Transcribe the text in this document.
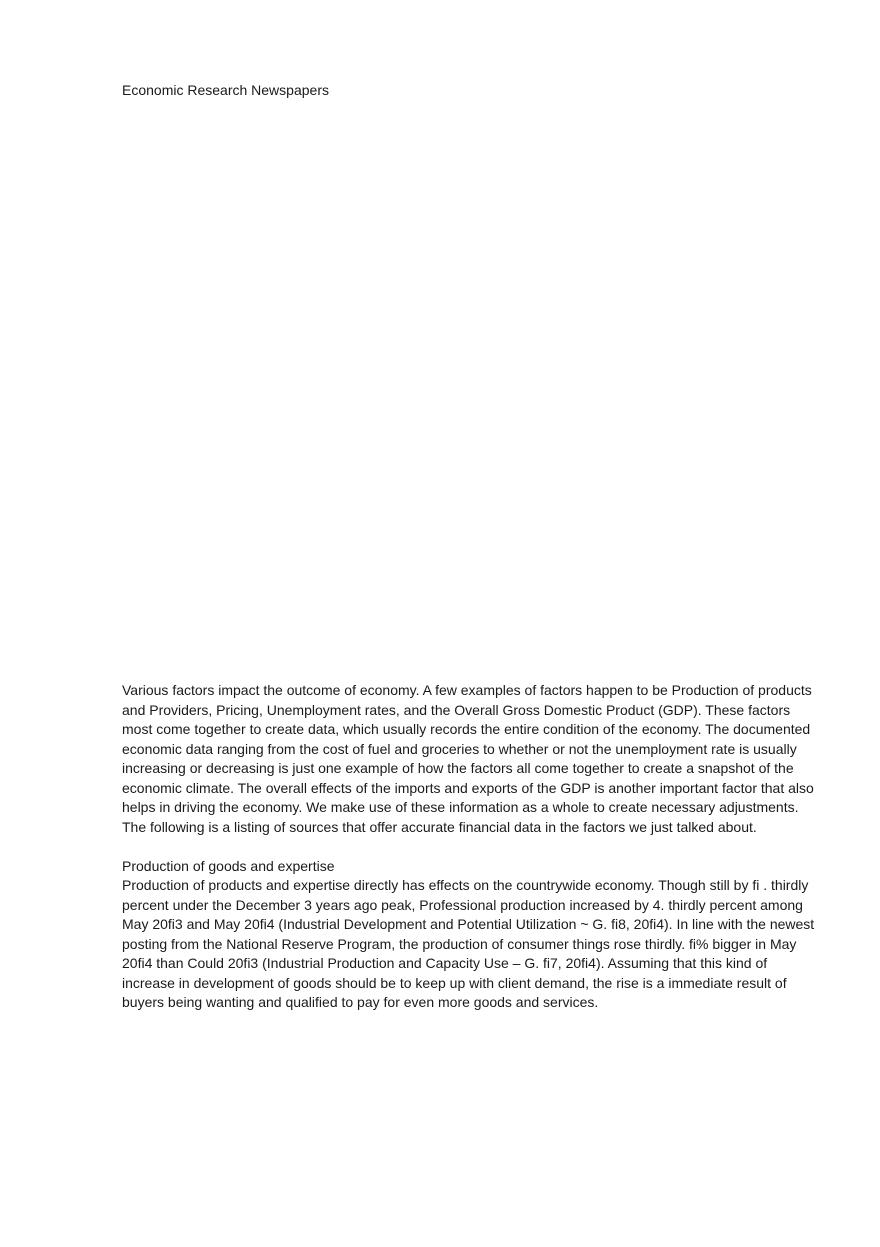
Economic Research Newspapers

Various factors impact the outcome of economy. A few examples of factors happen to be Production of products and Providers, Pricing, Unemployment rates, and the Overall Gross Domestic Product (GDP). These factors most come together to create data, which usually records the entire condition of the economy. The documented economic data ranging from the cost of fuel and groceries to whether or not the unemployment rate is usually increasing or decreasing is just one example of how the factors all come together to create a snapshot of the economic climate. The overall effects of the imports and exports of the GDP is another important factor that also helps in driving the economy. We make use of these information as a whole to create necessary adjustments. The following is a listing of sources that offer accurate financial data in the factors we just talked about.

Production of goods and expertise

Production of products and expertise directly has effects on the countrywide economy. Though still by fi . thirdly percent under the December 3 years ago peak, Professional production increased by 4. thirdly percent among May 20fi3 and May 20fi4 (Industrial Development and Potential Utilization ~ G. fi8, 20fi4). In line with the newest posting from the National Reserve Program, the production of consumer things rose thirdly. fi% bigger in May 20fi4 than Could 20fi3 (Industrial Production and Capacity Use – G. fi7, 20fi4). Assuming that this kind of increase in development of goods should be to keep up with client demand, the rise is a immediate result of buyers being wanting and qualified to pay for even more goods and services.
